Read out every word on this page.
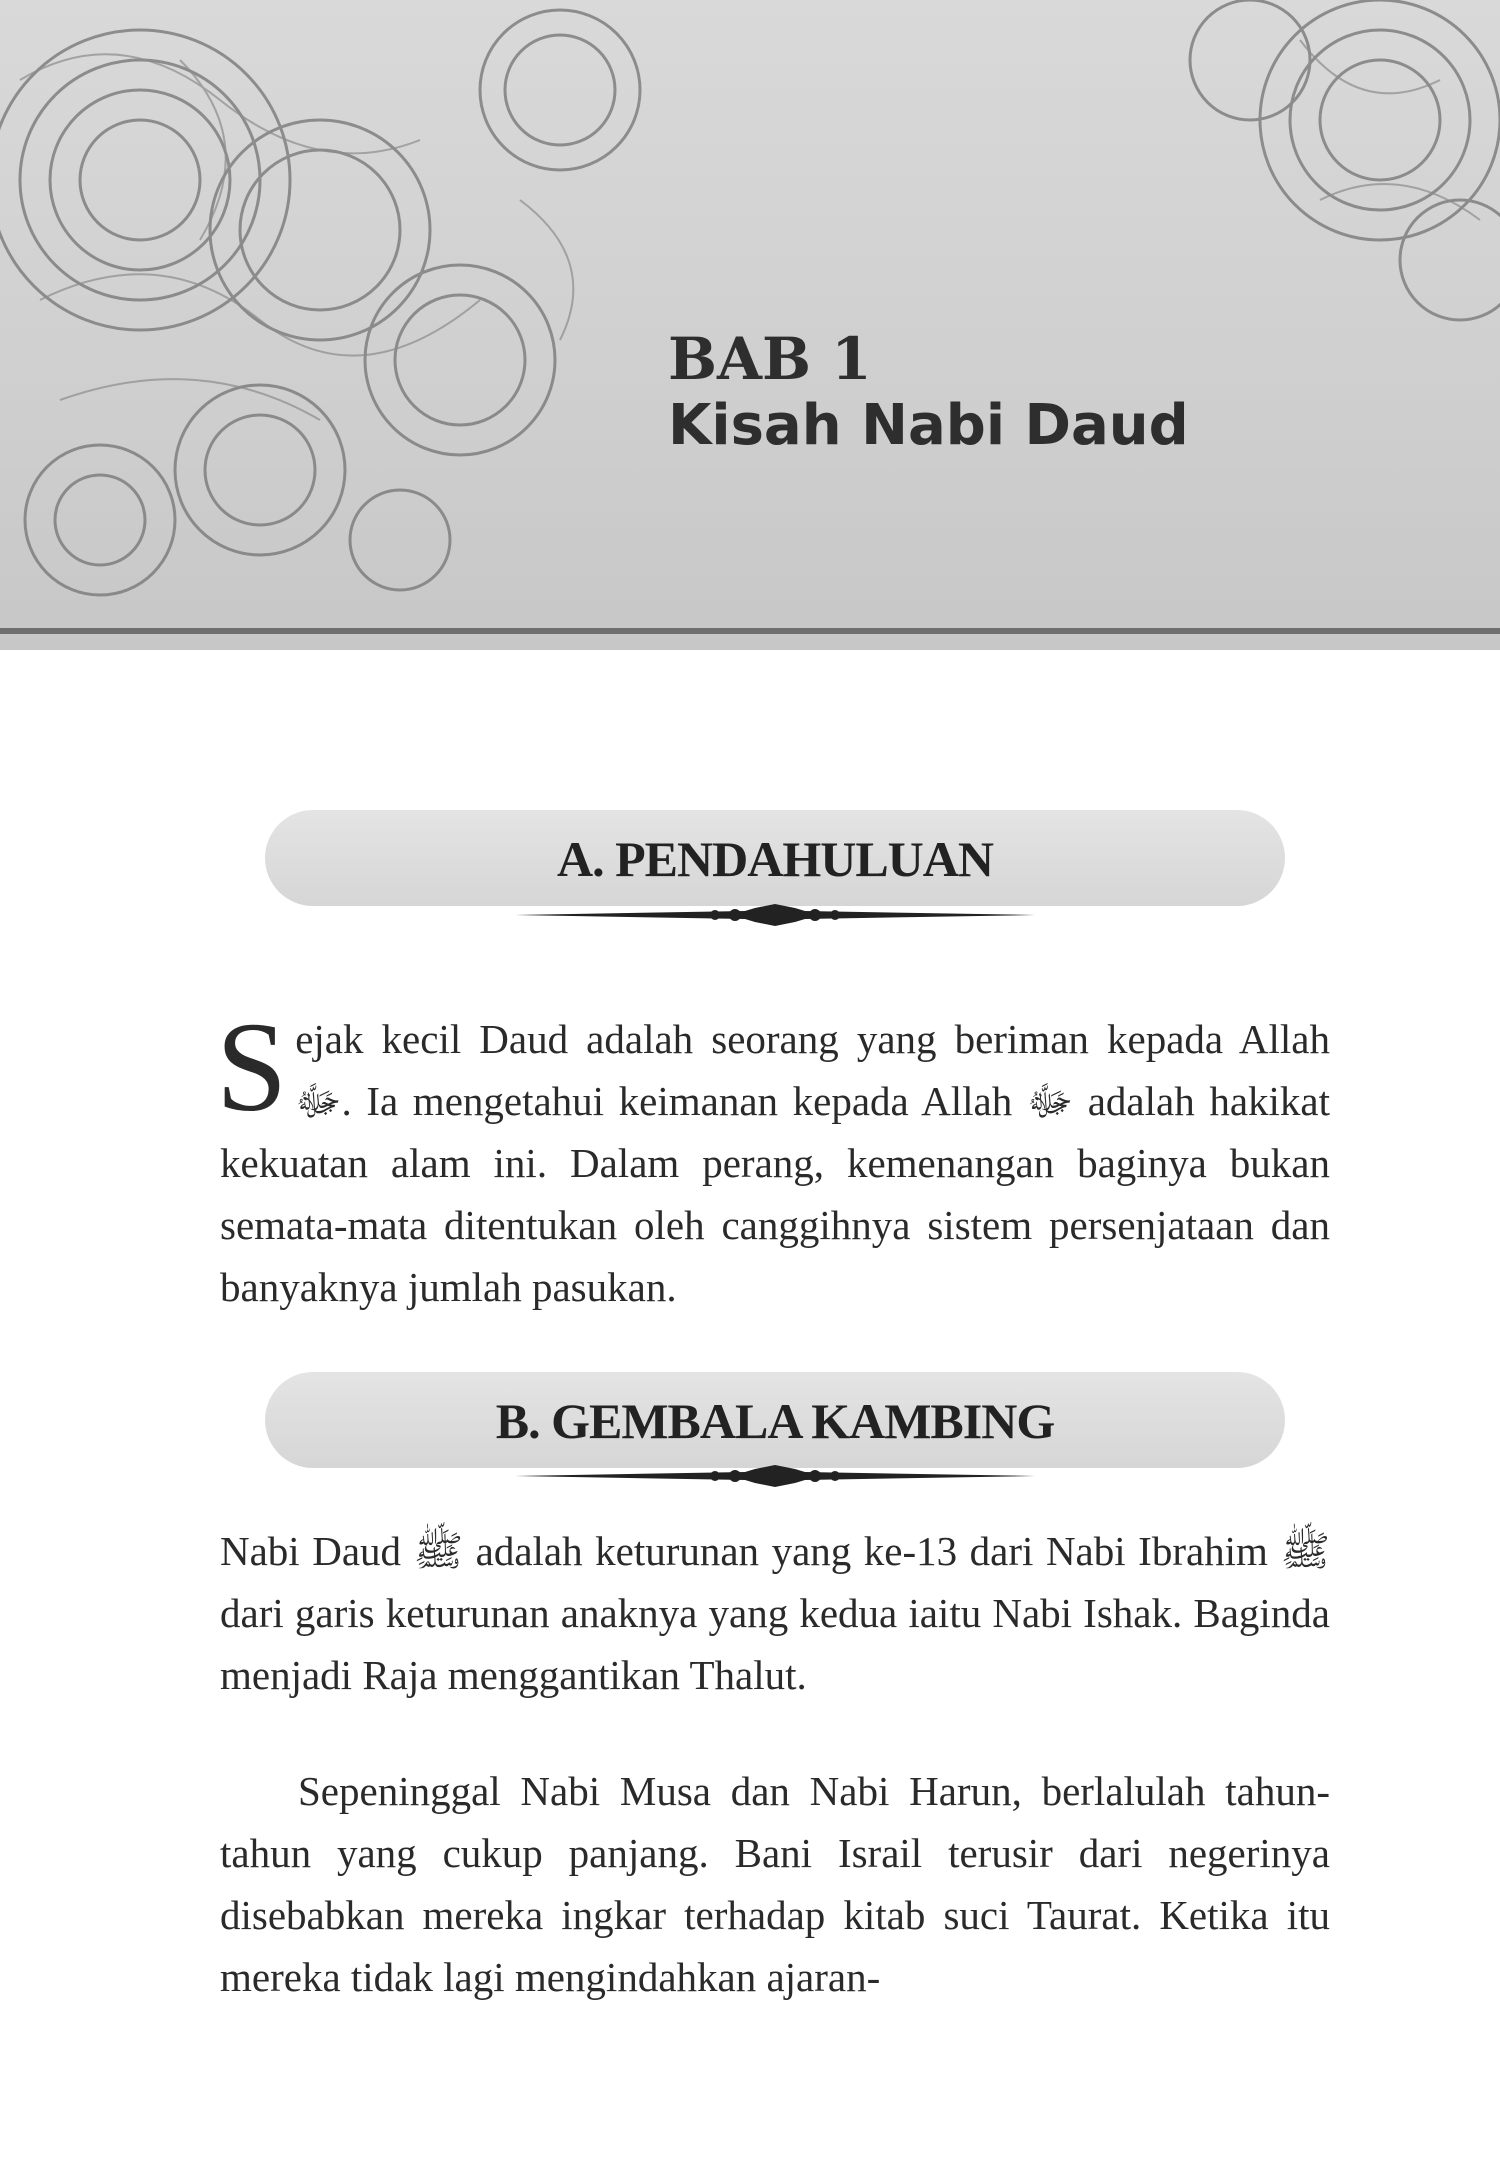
BAB 1
Kisah Nabi Daud
A. PENDAHULUAN

Sejak kecil Daud adalah seorang yang beriman kepada Allah ﷻ. Ia mengetahui keimanan kepada Allah ﷻ adalah hakikat kekuatan alam ini. Dalam perang, kemenangan baginya bukan semata-mata ditentukan oleh canggihnya sistem persenjataan dan banyaknya jumlah pasukan.

B. GEMBALA KAMBING

Nabi Daud ﷺ adalah keturunan yang ke-13 dari Nabi Ibrahim ﷺ dari garis keturunan anaknya yang kedua iaitu Nabi Ishak. Baginda menjadi Raja menggantikan Thalut.

Sepeninggal Nabi Musa dan Nabi Harun, berlalulah tahun-tahun yang cukup panjang. Bani Israil terusir dari negerinya disebabkan mereka ingkar terhadap kitab suci Taurat. Ketika itu mereka tidak lagi mengindahkan ajaran-
